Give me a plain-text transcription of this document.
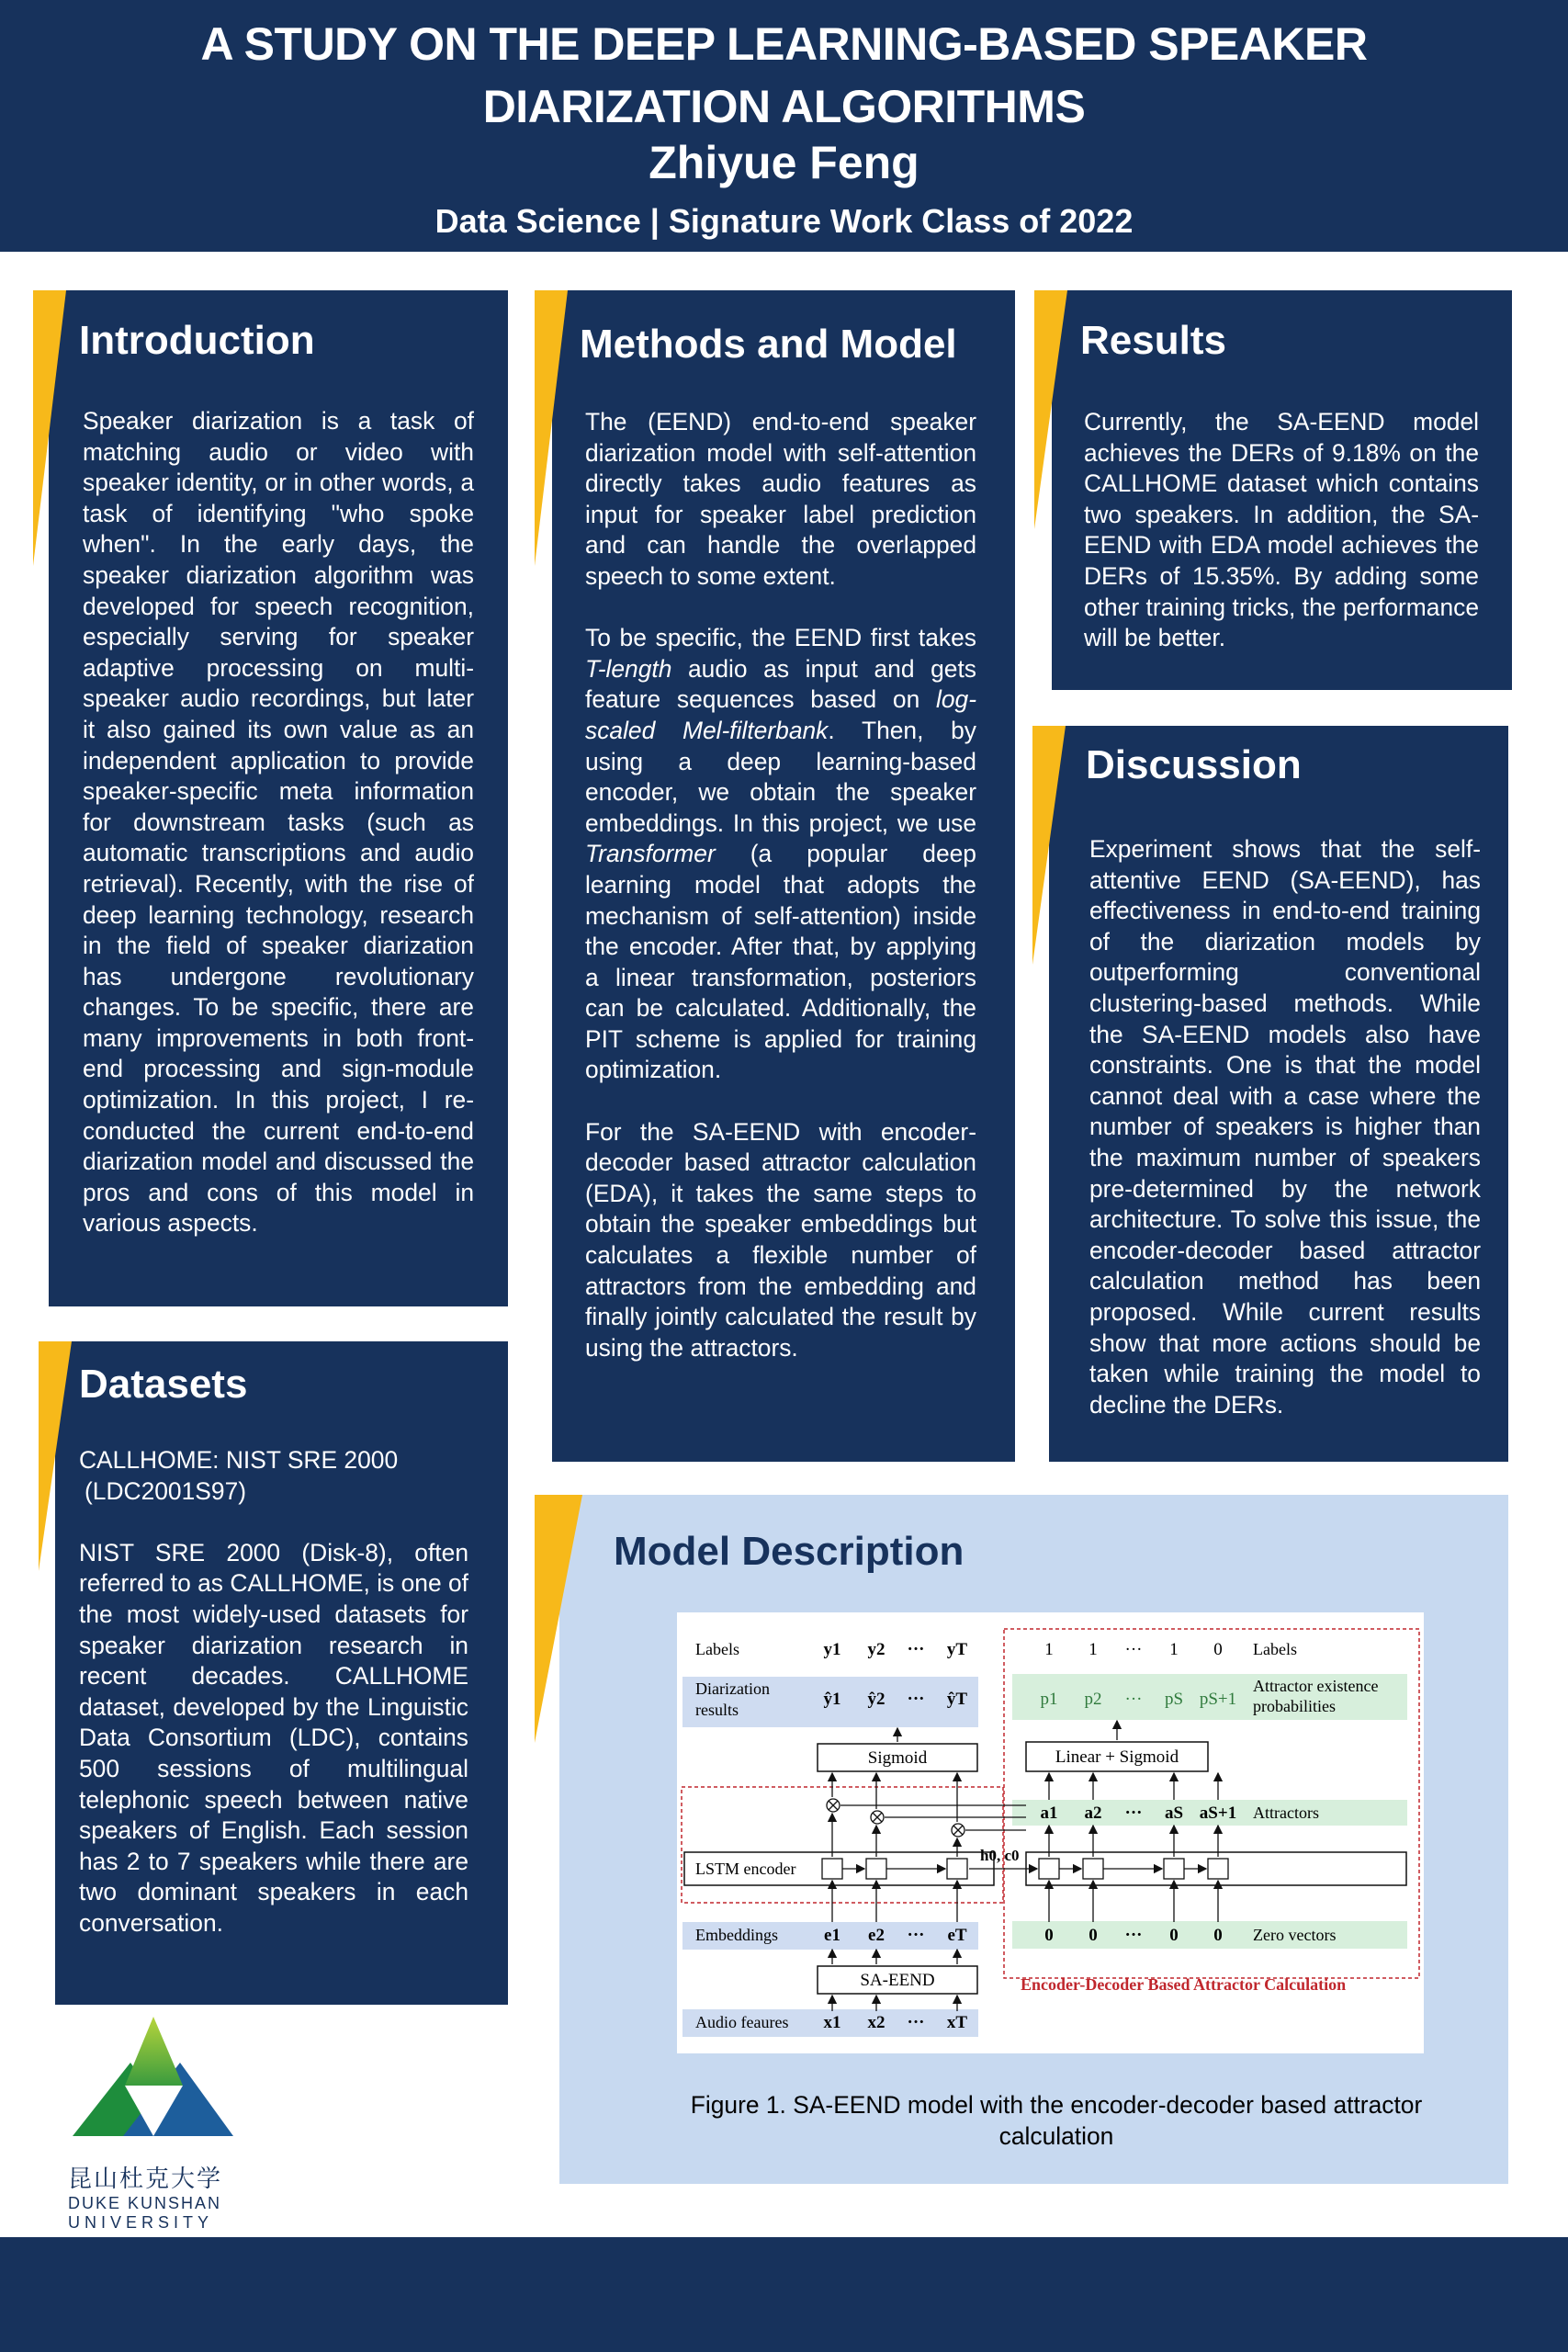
A STUDY ON THE DEEP LEARNING-BASED SPEAKER DIARIZATION ALGORITHMS
Zhiyue Feng
Data Science | Signature Work Class of 2022
Introduction

Speaker diarization is a task of matching audio or video with speaker identity, or in other words, a task of identifying "who spoke when". In the early days, the speaker diarization algorithm was developed for speech recognition, especially serving for speaker adaptive processing on multi-speaker audio recordings, but later it also gained its own value as an independent application to provide speaker-specific meta information for downstream tasks (such as automatic transcriptions and audio retrieval). Recently, with the rise of deep learning technology, research in the field of speaker diarization has undergone revolutionary changes. To be specific, there are many improvements in both front-end processing and sign-module optimization. In this project, I re-conducted the current end-to-end diarization model and discussed the pros and cons of this model in various aspects.

Datasets
CALLHOME: NIST SRE 2000
(LDC2001S97)

NIST SRE 2000 (Disk-8), often referred to as CALLHOME, is one of the most widely-used datasets for speaker diarization research in recent decades. CALLHOME dataset, developed by the Linguistic Data Consortium (LDC), contains 500 sessions of multilingual telephonic speech between native speakers of English. Each session has 2 to 7 speakers while there are two dominant speakers in each conversation.

Methods and Model

The (EEND) end-to-end speaker diarization model with self-attention directly takes audio features as input for speaker label prediction and can handle the overlapped speech to some extent.

To be specific, the EEND first takes T-length audio as input and gets feature sequences based on log-scaled Mel-filterbank. Then, by using a deep learning-based encoder, we obtain the speaker embeddings. In this project, we use Transformer (a popular deep learning model that adopts the mechanism of self-attention) inside the encoder. After that, by applying a linear transformation, posteriors can be calculated. Additionally, the PIT scheme is applied for training optimization.

For the SA-EEND with encoder-decoder based attractor calculation (EDA), it takes the same steps to obtain the speaker embeddings but calculates a flexible number of attractors from the embedding and finally jointly calculated the result by using the attractors.

Results

Currently, the SA-EEND model achieves the DERs of 9.18% on the CALLHOME dataset which contains two speakers. In addition, the SA-EEND with EDA model achieves the DERs of 15.35%. By adding some other training tricks, the performance will be better.

Discussion

Experiment shows that the self-attentive EEND (SA-EEND), has effectiveness in end-to-end training of the diarization models by outperforming conventional clustering-based methods. While the SA-EEND models also have constraints. One is that the model cannot deal with a case where the number of speakers is higher than the maximum number of speakers pre-determined by the network architecture. To solve this issue, the encoder-decoder based attractor calculation method has been proposed. While current results show that more actions should be taken while training the model to decline the DERs.

Model Description
Labels
Diarization
results
Embeddings
Audio feaures
y1 y2 ··· yT
ŷ1 ŷ2 ··· ŷT
e1 e2 ··· eT
x1 x2 ··· xT
Sigmoid
LSTM encoder
SA-EEND
Labels
Attractor existence
probabilities
Attractors
Zero vectors
Encoder-Decoder Based Attractor Calculation
1 1 ··· 1 0
p1 p2 ··· pS pS+1
a1 a2 ··· aS aS+1
0 0 ··· 0 0
Linear + Sigmoid
h0, c0
Figure 1. SA-EEND model with the encoder-decoder based attractor calculation
昆山杜克大学
DUKE KUNSHAN
UNIVERSITY
